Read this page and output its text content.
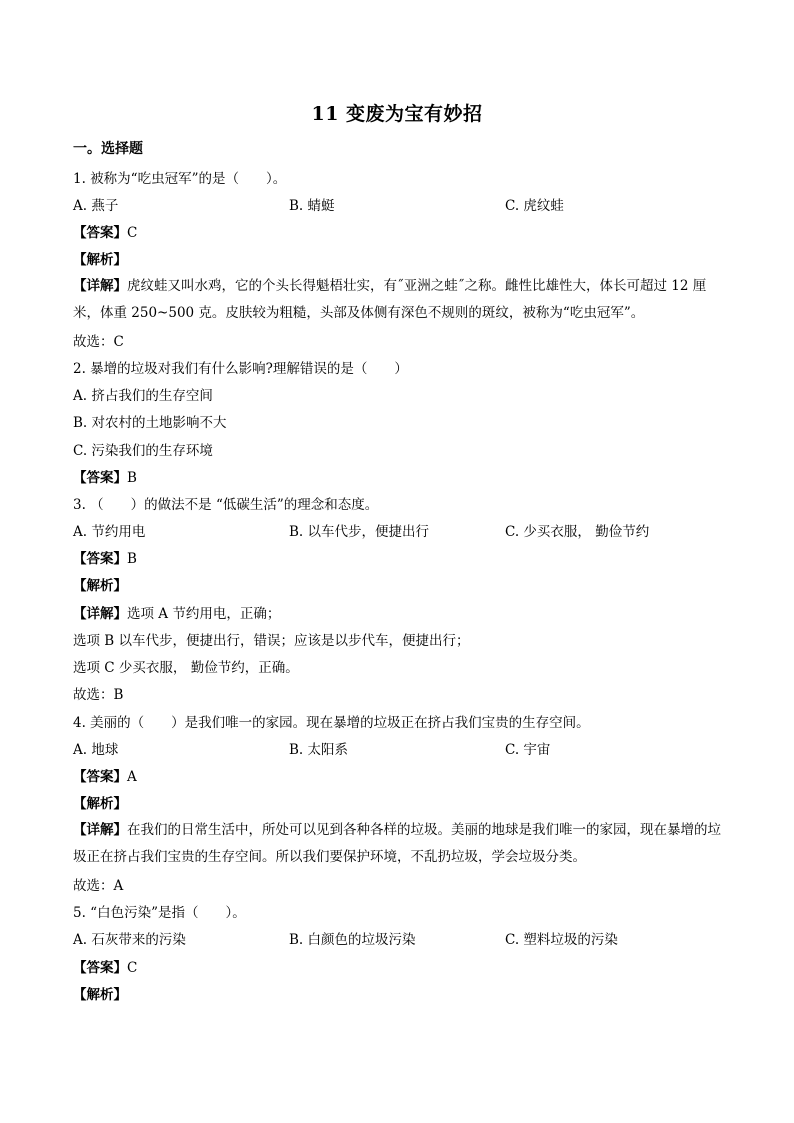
11 变废为宝有妙招
一。选择题
1. 被称为“吃虫冠军”的是（　　）。
A. 燕子	B. 蜻蜓	C. 虎纹蛙
【答案】C
【解析】
【详解】虎纹蛙又叫水鸡，它的个头长得魁梧壮实，有˝亚洲之蛙˝之称。雌性比雄性大，体长可超过 12 厘米，体重 250~500 克。皮肤较为粗糙，头部及体侧有深色不规则的斑纹，被称为“吃虫冠军”。
故选：C
2. 暴增的垃圾对我们有什么影响?理解错误的是（　　）
A. 挤占我们的生存空间
B. 对农村的土地影响不大
C. 污染我们的生存环境
【答案】B
3. （　　）的做法不是 “低碳生活”的理念和态度。
A. 节约用电	B. 以车代步，便捷出行	C. 少买衣服， 勤俭节约
【答案】B
【解析】
【详解】选项 A 节约用电，正确；
选项 B 以车代步，便捷出行，错误；应该是以步代车，便捷出行；
选项 C 少买衣服， 勤俭节约，正确。
故选：B
4. 美丽的（　　）是我们唯一的家园。现在暴增的垃圾正在挤占我们宝贵的生存空间。
A. 地球	B. 太阳系	C. 宇宙
【答案】A
【解析】
【详解】在我们的日常生活中，所处可以见到各种各样的垃圾。美丽的地球是我们唯一的家园，现在暴增的垃圾正在挤占我们宝贵的生存空间。所以我们要保护环境，不乱扔垃圾，学会垃圾分类。
故选：A
5. “白色污染”是指（　　）。
A. 石灰带来的污染	B. 白颜色的垃圾污染	C. 塑料垃圾的污染
【答案】C
【解析】
